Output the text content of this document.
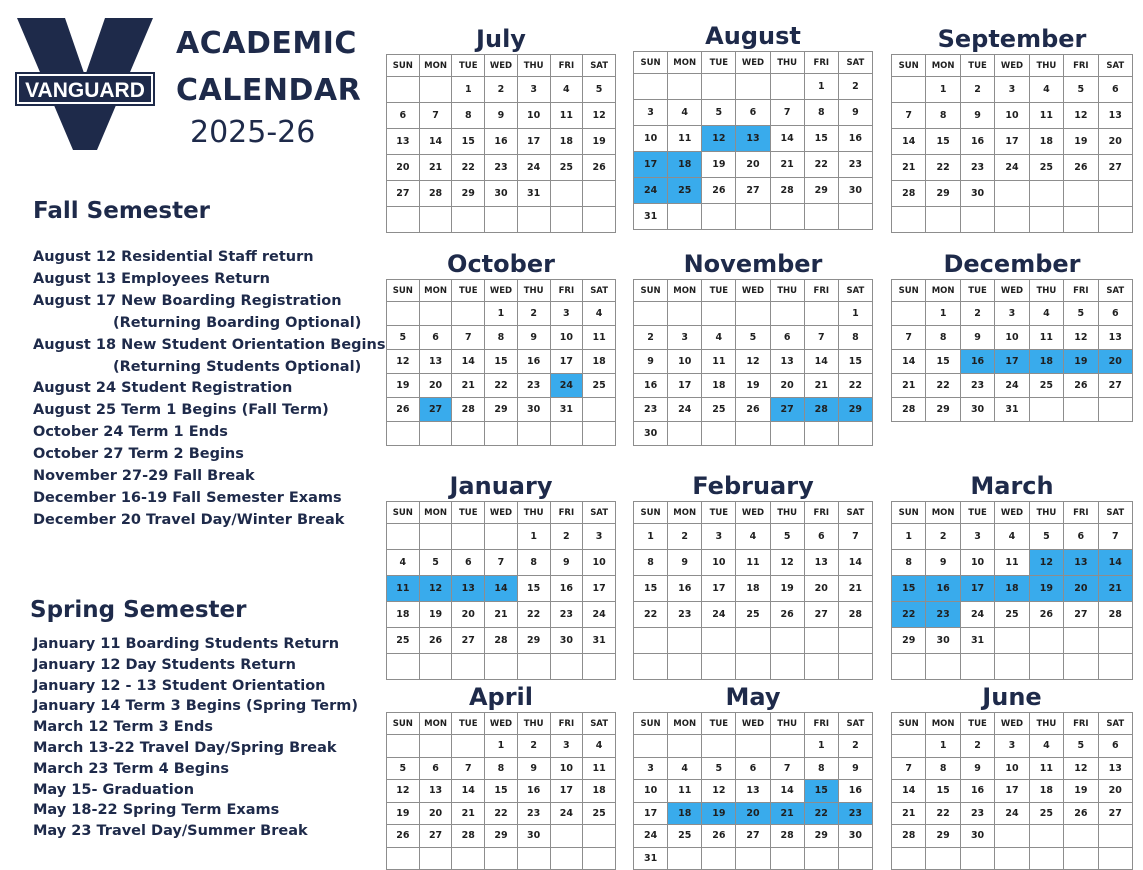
VANGUARD
ACADEMIC
CALENDAR
2025-26
Fall Semester
August 12 Residential Staff return
August 13 Employees Return
August 17 New Boarding Registration
(Returning Boarding Optional)
August 18 New Student Orientation Begins
(Returning Students Optional)
August 24 Student Registration
August 25 Term 1 Begins (Fall Term)
October 24 Term 1 Ends
October 27 Term 2 Begins
November 27-29 Fall Break
December 16-19 Fall Semester Exams
December 20 Travel Day/Winter Break
Spring Semester
January 11 Boarding Students Return
January 12 Day Students Return
January 12 - 13 Student Orientation
January 14 Term 3 Begins (Spring Term)
March 12 Term 3 Ends
March 13-22 Travel Day/Spring Break
March 23 Term 4 Begins
May 15- Graduation
May 18-22 Spring Term Exams
May 23 Travel Day/Summer Break
July
SUN	MON	TUE	WED	THU	FRI	SAT
		1	2	3	4	5
6	7	8	9	10	11	12
13	14	15	16	17	18	19
20	21	22	23	24	25	26
27	28	29	30	31		

August
SUN	MON	TUE	WED	THU	FRI	SAT
					1	2
3	4	5	6	7	8	9
10	11	12	13	14	15	16
17	18	19	20	21	22	23
24	25	26	27	28	29	30
31						
September
SUN	MON	TUE	WED	THU	FRI	SAT
	1	2	3	4	5	6
7	8	9	10	11	12	13
14	15	16	17	18	19	20
21	22	23	24	25	26	27
28	29	30				

October
SUN	MON	TUE	WED	THU	FRI	SAT
			1	2	3	4
5	6	7	8	9	10	11
12	13	14	15	16	17	18
19	20	21	22	23	24	25
26	27	28	29	30	31	

November
SUN	MON	TUE	WED	THU	FRI	SAT
						1
2	3	4	5	6	7	8
9	10	11	12	13	14	15
16	17	18	19	20	21	22
23	24	25	26	27	28	29
30						
December
SUN	MON	TUE	WED	THU	FRI	SAT
	1	2	3	4	5	6
7	8	9	10	11	12	13
14	15	16	17	18	19	20
21	22	23	24	25	26	27
28	29	30	31			
January
SUN	MON	TUE	WED	THU	FRI	SAT
				1	2	3
4	5	6	7	8	9	10
11	12	13	14	15	16	17
18	19	20	21	22	23	24
25	26	27	28	29	30	31

February
SUN	MON	TUE	WED	THU	FRI	SAT
1	2	3	4	5	6	7
8	9	10	11	12	13	14
15	16	17	18	19	20	21
22	23	24	25	26	27	28

March
SUN	MON	TUE	WED	THU	FRI	SAT
1	2	3	4	5	6	7
8	9	10	11	12	13	14
15	16	17	18	19	20	21
22	23	24	25	26	27	28
29	30	31				

April
SUN	MON	TUE	WED	THU	FRI	SAT
			1	2	3	4
5	6	7	8	9	10	11
12	13	14	15	16	17	18
19	20	21	22	23	24	25
26	27	28	29	30		

May
SUN	MON	TUE	WED	THU	FRI	SAT
					1	2
3	4	5	6	7	8	9
10	11	12	13	14	15	16
17	18	19	20	21	22	23
24	25	26	27	28	29	30
31						
June
SUN	MON	TUE	WED	THU	FRI	SAT
	1	2	3	4	5	6
7	8	9	10	11	12	13
14	15	16	17	18	19	20
21	22	23	24	25	26	27
28	29	30				
